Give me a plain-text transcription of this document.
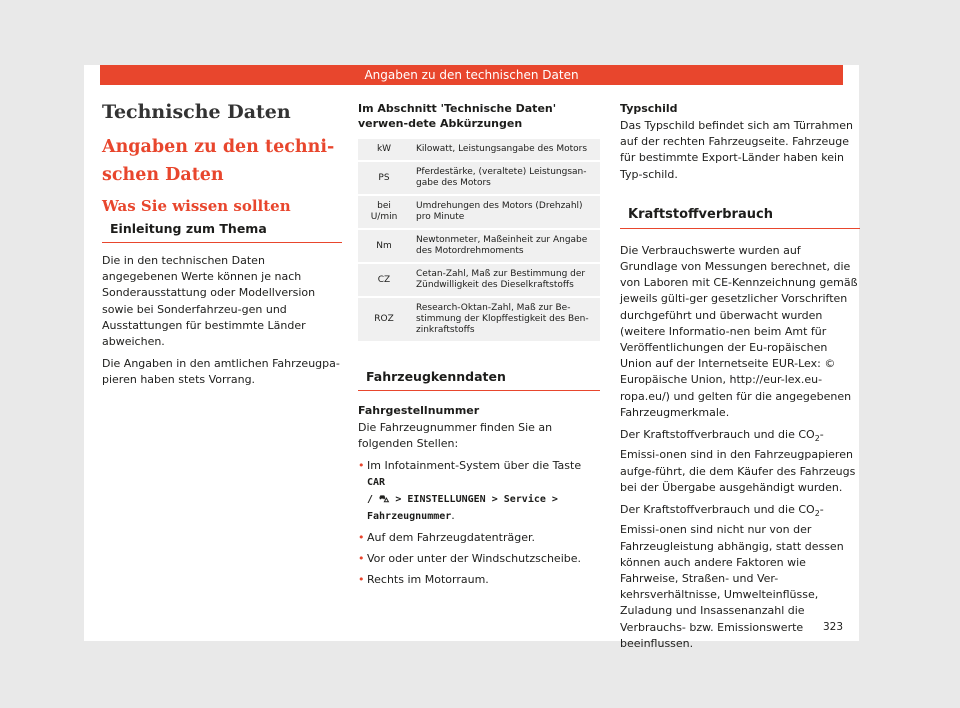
Angaben zu den technischen Daten
Technische Daten
Angaben zu den techni-
schen Daten
Was Sie wissen sollten
Einleitung zum Thema

Die in den technischen Daten angegebenen Werte können je nach Sonderausstattung oder Modellversion sowie bei Sonderfahrzeu-gen und Ausstattungen für bestimmte Länder abweichen.

Die Angaben in den amtlichen Fahrzeugpa-pieren haben stets Vorrang.

Im Abschnitt 'Technische Daten' verwen-dete Abkürzungen
kW	Kilowatt, Leistungsangabe des Motors
PS	Pferdestärke, (veraltete) Leistungsan-gabe des Motors
bei U/min	Umdrehungen des Motors (Drehzahl) pro Minute
Nm	Newtonmeter, Maßeinheit zur Angabe des Motordrehmoments
CZ	Cetan-Zahl, Maß zur Bestimmung der Zündwilligkeit des Dieselkraftstoffs
ROZ	Research-Oktan-Zahl, Maß zur Be-stimmung der Klopffestigkeit des Ben-zinkraftstoffs
Fahrzeugkenndaten
Fahrgestellnummer

Die Fahrzeugnummer finden Sie an folgenden Stellen:

• Im Infotainment-System über die Taste CAR
/ ⛍ > EINSTELLUNGEN > Service > Fahrzeugnummer.
• Auf dem Fahrzeugdatenträger.
• Vor oder unter der Windschutzscheibe.
• Rechts im Motorraum.
Typschild

Das Typschild befindet sich am Türrahmen auf der rechten Fahrzeugseite. Fahrzeuge für bestimmte Export-Länder haben kein Typ-schild.

Kraftstoffverbrauch

Die Verbrauchswerte wurden auf Grundlage von Messungen berechnet, die von Laboren mit CE-Kennzeichnung gemäß jeweils gülti-ger gesetzlicher Vorschriften durchgeführt und überwacht wurden (weitere Informatio-nen beim Amt für Veröffentlichungen der Eu-ropäischen Union auf der Internetseite EUR-Lex: © Europäische Union, http://eur-lex.eu-ropa.eu/) und gelten für die angegebenen Fahrzeugmerkmale.

Der Kraftstoffverbrauch und die $CO_2-Emissi$-onen sind in den Fahrzeugpapieren aufge-führt, die dem Käufer des Fahrzeugs bei der Übergabe ausgehändigt wurden.

Der Kraftstoffverbrauch und die $CO_2-Emissi$-onen sind nicht nur von der Fahrzeugleistung abhängig, statt dessen können auch andere Faktoren wie Fahrweise, Straßen- und Ver-kehrsverhältnisse, Umwelteinflüsse, Zuladung und Insassenanzahl die Verbrauchs- bzw. Emissionswerte beeinflussen.

323
